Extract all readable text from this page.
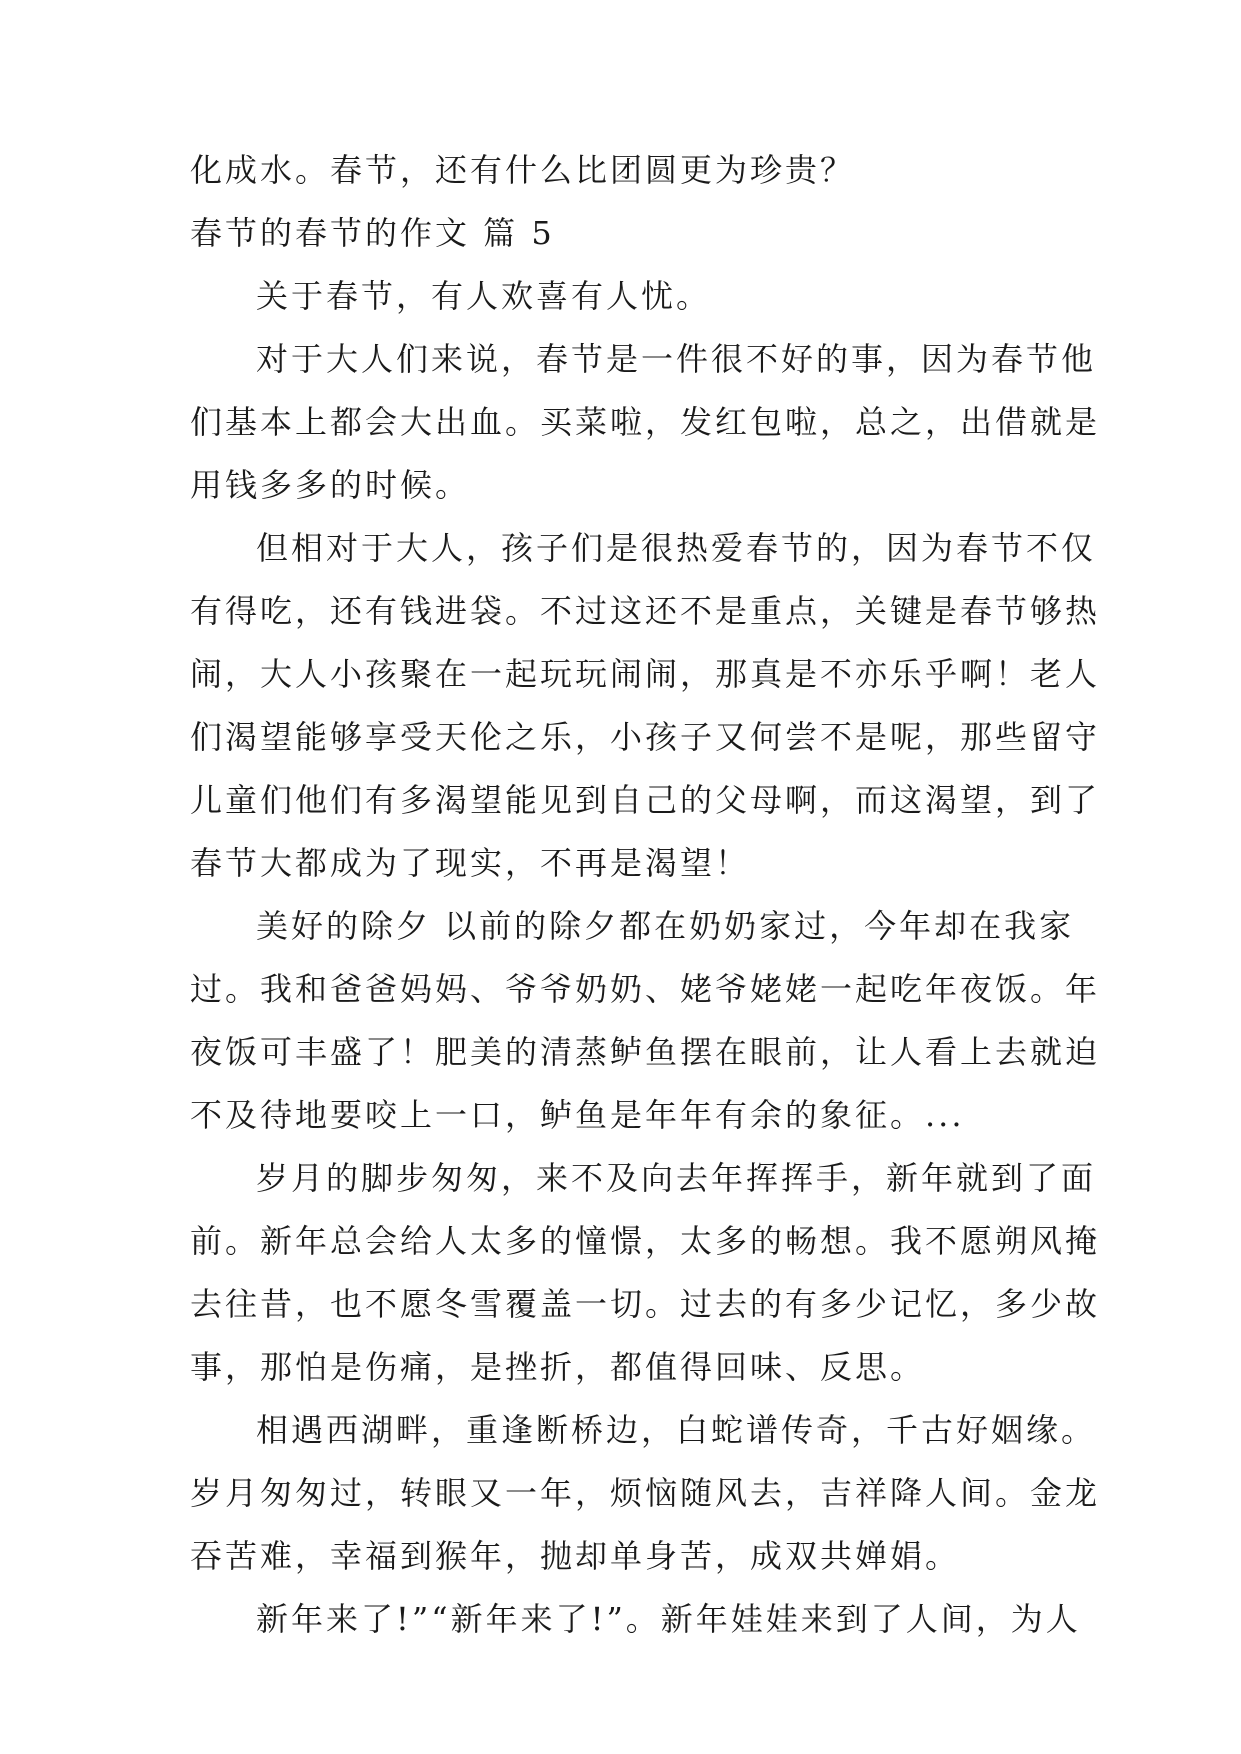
化成水。春节，还有什么比团圆更为珍贵？
春节的春节的作文 篇 5
关于春节，有人欢喜有人忧。
对于大人们来说，春节是一件很不好的事，因为春节他
们基本上都会大出血。买菜啦，发红包啦，总之，出借就是
用钱多多的时候。
但相对于大人，孩子们是很热爱春节的，因为春节不仅
有得吃，还有钱进袋。不过这还不是重点，关键是春节够热
闹，大人小孩聚在一起玩玩闹闹，那真是不亦乐乎啊！老人
们渴望能够享受天伦之乐，小孩子又何尝不是呢，那些留守
儿童们他们有多渴望能见到自己的父母啊，而这渴望，到了
春节大都成为了现实，不再是渴望！
美好的除夕 以前的除夕都在奶奶家过，今年却在我家
过。我和爸爸妈妈、爷爷奶奶、姥爷姥姥一起吃年夜饭。年
夜饭可丰盛了！肥美的清蒸鲈鱼摆在眼前，让人看上去就迫
不及待地要咬上一口，鲈鱼是年年有余的象征。...
岁月的脚步匆匆，来不及向去年挥挥手，新年就到了面
前。新年总会给人太多的憧憬，太多的畅想。我不愿朔风掩
去往昔，也不愿冬雪覆盖一切。过去的有多少记忆，多少故
事，那怕是伤痛，是挫折，都值得回味、反思。
相遇西湖畔，重逢断桥边，白蛇谱传奇，千古好姻缘。
岁月匆匆过，转眼又一年，烦恼随风去，吉祥降人间。金龙
吞苦难，幸福到猴年，抛却单身苦，成双共婵娟。
新年来了!”“新年来了!”。新年娃娃来到了人间，为人
